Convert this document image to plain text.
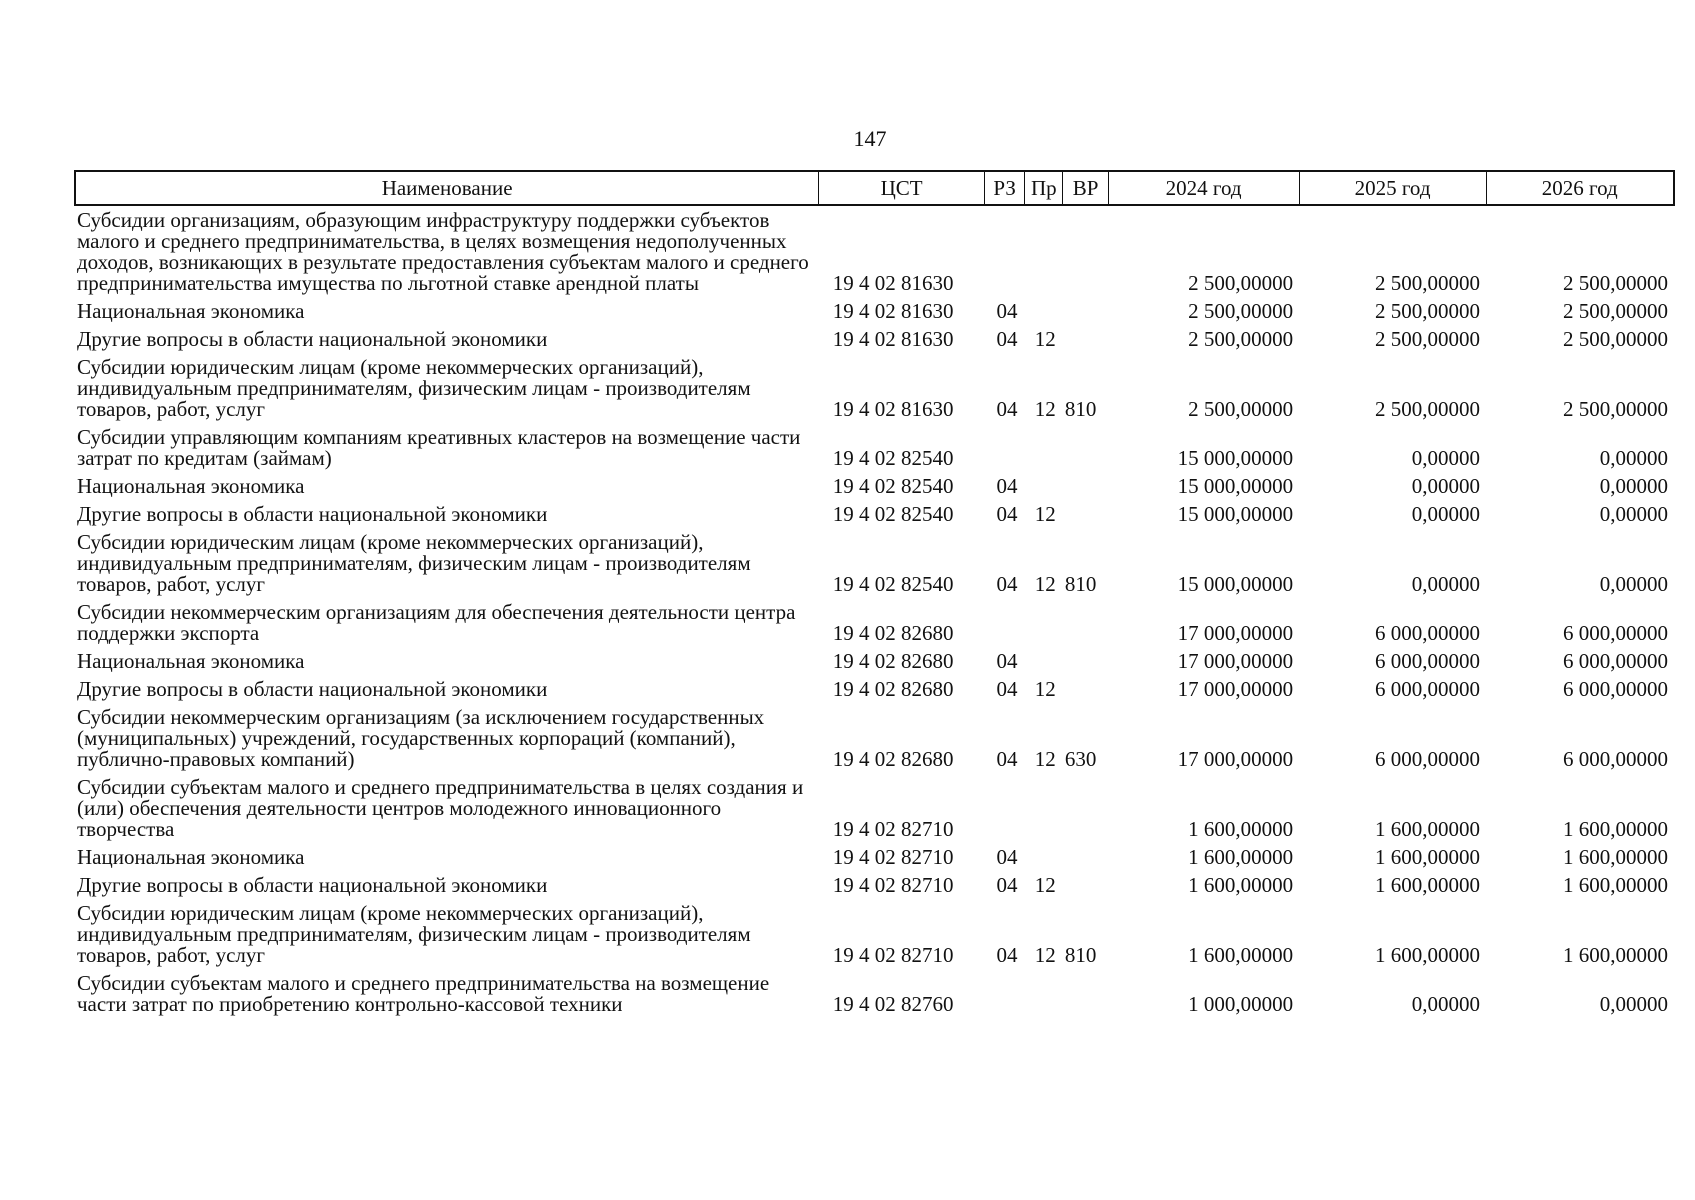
147
Наименование	ЦСТ	РЗ	Пр	ВР	2024 год	2025 год	2026 год
Субсидии организациям, образующим инфраструктуру поддержки субъектов малого и среднего предпринимательства, в целях возмещения недополученных доходов, возникающих в результате предоставления субъектам малого и среднего предпринимательства имущества по льготной ставке арендной платы	19 4 02 81630				2 500,00000	2 500,00000	2 500,00000
Национальная экономика	19 4 02 81630	04			2 500,00000	2 500,00000	2 500,00000
Другие вопросы в области национальной экономики	19 4 02 81630	04	12		2 500,00000	2 500,00000	2 500,00000
Субсидии юридическим лицам (кроме некоммерческих организаций), индивидуальным предпринимателям, физическим лицам - производителям товаров, работ, услуг	19 4 02 81630	04	12	810	2 500,00000	2 500,00000	2 500,00000
Субсидии управляющим компаниям креативных кластеров на возмещение части затрат по кредитам (займам)	19 4 02 82540				15 000,00000	0,00000	0,00000
Национальная экономика	19 4 02 82540	04			15 000,00000	0,00000	0,00000
Другие вопросы в области национальной экономики	19 4 02 82540	04	12		15 000,00000	0,00000	0,00000
Субсидии юридическим лицам (кроме некоммерческих организаций), индивидуальным предпринимателям, физическим лицам - производителям товаров, работ, услуг	19 4 02 82540	04	12	810	15 000,00000	0,00000	0,00000
Субсидии некоммерческим организациям для обеспечения деятельности центра поддержки экспорта	19 4 02 82680				17 000,00000	6 000,00000	6 000,00000
Национальная экономика	19 4 02 82680	04			17 000,00000	6 000,00000	6 000,00000
Другие вопросы в области национальной экономики	19 4 02 82680	04	12		17 000,00000	6 000,00000	6 000,00000
Субсидии некоммерческим организациям (за исключением государственных (муниципальных) учреждений, государственных корпораций (компаний), публично-правовых компаний)	19 4 02 82680	04	12	630	17 000,00000	6 000,00000	6 000,00000
Субсидии субъектам малого и среднего предпринимательства в целях создания и (или) обеспечения деятельности центров молодежного инновационного творчества	19 4 02 82710				1 600,00000	1 600,00000	1 600,00000
Национальная экономика	19 4 02 82710	04			1 600,00000	1 600,00000	1 600,00000
Другие вопросы в области национальной экономики	19 4 02 82710	04	12		1 600,00000	1 600,00000	1 600,00000
Субсидии юридическим лицам (кроме некоммерческих организаций), индивидуальным предпринимателям, физическим лицам - производителям товаров, работ, услуг	19 4 02 82710	04	12	810	1 600,00000	1 600,00000	1 600,00000
Субсидии субъектам малого и среднего предпринимательства на возмещение части затрат по приобретению контрольно-кассовой техники	19 4 02 82760				1 000,00000	0,00000	0,00000
